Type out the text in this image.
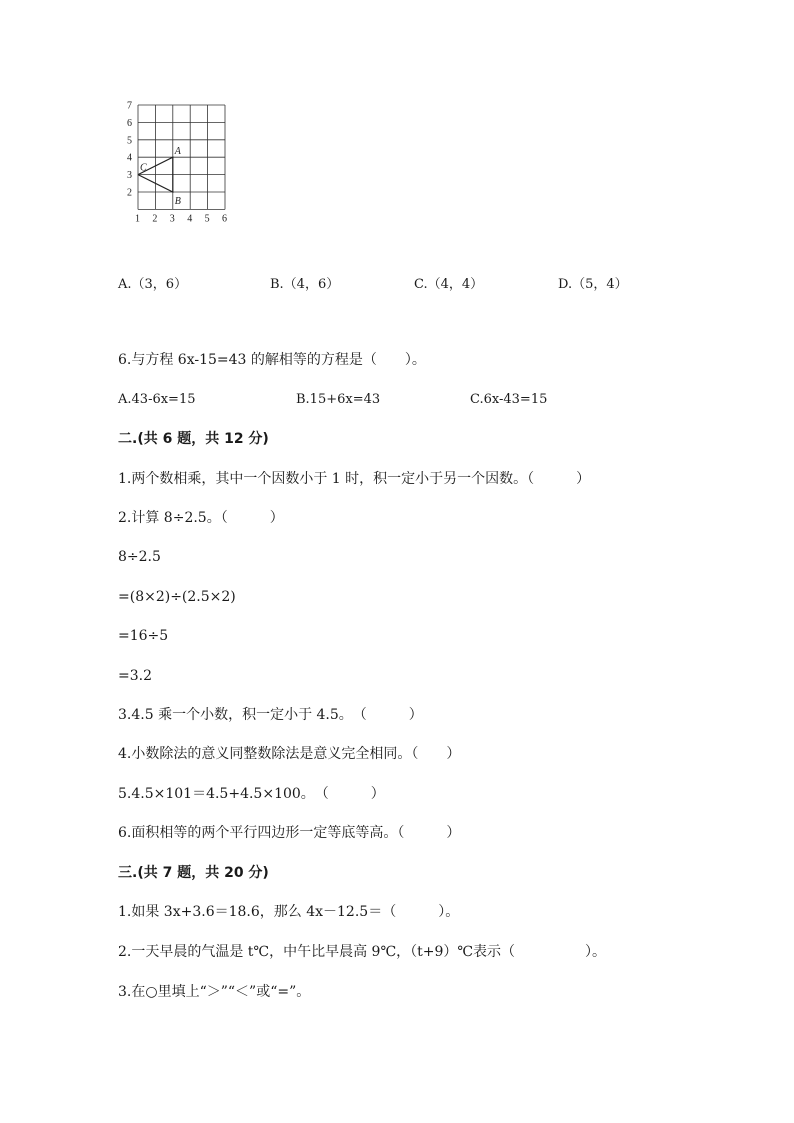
7
6
5
4
3
2
1 2 3 4 5 6
A
B
C
A.（3，6）	B.（4，6）	C.（4，4）	D.（5，4）
6.与方程 6x-15=43 的解相等的方程是（　　）。
A.43-6x=15	B.15+6x=43	C.6x-43=15
二.(共 6 题，共 12 分)
1.两个数相乘，其中一个因数小于 1 时，积一定小于另一个因数。（　　　）
2.计算 8÷2.5。（　　　）
8÷2.5
=(8×2)÷(2.5×2)
=16÷5
=3.2
3.4.5 乘一个小数，积一定小于 4.5。　（　　　）
4.小数除法的意义同整数除法是意义完全相同。（　　）
5.4.5×101＝4.5+4.5×100。　（　　　）
6.面积相等的两个平行四边形一定等底等高。（　　　）
三.(共 7 题，共 20 分)
1.如果 3x+3.6＝18.6，那么 4x－12.5＝（　　　）。
2.一天早晨的气温是 t℃，中午比早晨高 9℃，（t+9）℃表示（　　　　　）。
3.在○里填上“＞”“＜”或“=”。
